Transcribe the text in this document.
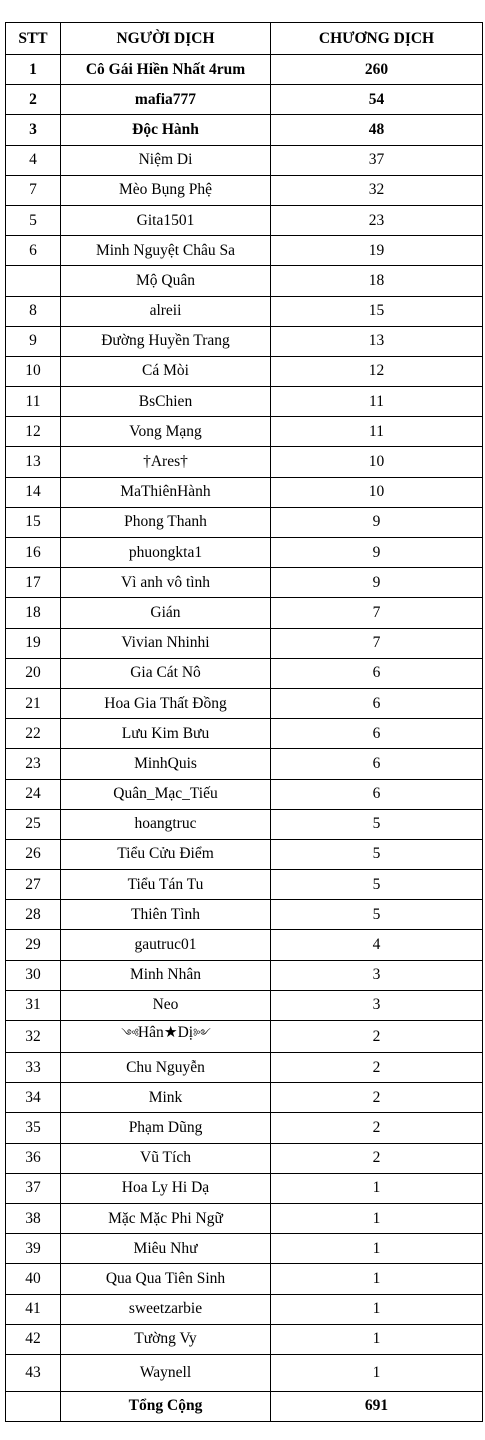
STT	NGƯỜI DỊCH	CHƯƠNG DỊCH
1	Cô Gái Hiền Nhất 4rum	260
2	mafia777	54
3	Độc Hành	48
4	Niệm Di	37
7	Mèo Bụng Phệ	32
5	Gita1501	23
6	Minh Nguyệt Châu Sa	19
	Mộ Quân	18
8	alreii	15
9	Đường Huyền Trang	13
10	Cá Mòi	12
11	BsChien	11
12	Vong Mạng	11
13	†Ares†	10
14	MaThiênHành	10
15	Phong Thanh	9
16	phuongkta1	9
17	Vì anh vô tình	9
18	Gián	7
19	Vivian Nhinhi	7
20	Gia Cát Nô	6
21	Hoa Gia Thất Đồng	6
22	Lưu Kim Bưu	6
23	MinhQuis	6
24	Quân_Mạc_Tiếu	6
25	hoangtruc	5
26	Tiểu Cửu Điểm	5
27	Tiểu Tán Tu	5
28	Thiên Tình	5
29	gautruc01	4
30	Minh Nhân	3
31	Neo	3
32	༺Hân★Dị༻	2
33	Chu Nguyễn	2
34	Mink	2
35	Phạm Dũng	2
36	Vũ Tích	2
37	Hoa Ly Hi Dạ	1
38	Mặc Mặc Phi Ngữ	1
39	Miêu Như	1
40	Qua Qua Tiên Sinh	1
41	sweetzarbie	1
42	Tường Vy	1
43	Waynell	1
	Tổng Cộng	691
